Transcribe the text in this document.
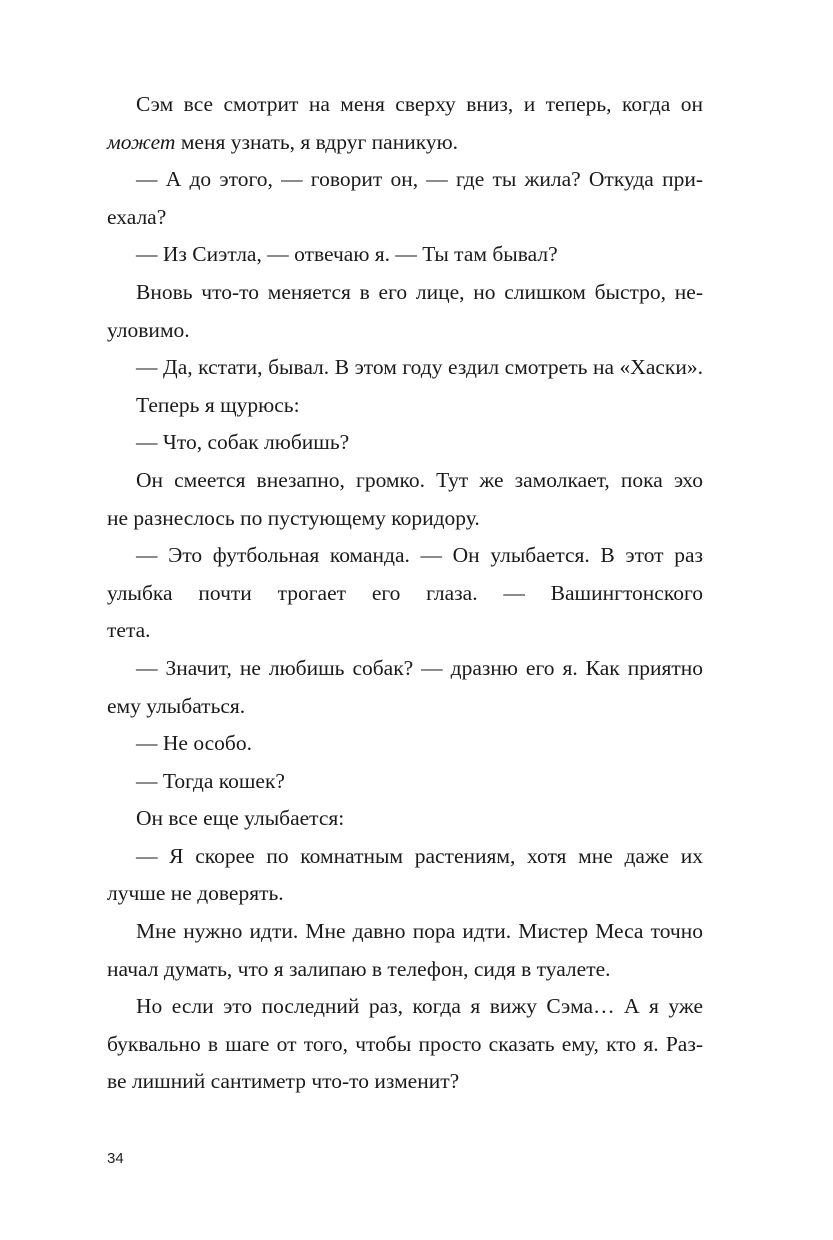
Сэм все смотрит на меня сверху вниз, и теперь, когда он
может меня узнать, я вдруг паникую.
— А до этого, — говорит он, — где ты жила? Откуда при-
ехала?
— Из Сиэтла, — отвечаю я. — Ты там бывал?
Вновь что-то меняется в его лице, но слишком быстро, не-
уловимо.
— Да, кстати, бывал. В этом году ездил смотреть на «Хаски».
Теперь я щурюсь:
— Что, собак любишь?
Он смеется внезапно, громко. Тут же замолкает, пока эхо
не разнеслось по пустующему коридору.
— Это футбольная команда. — Он улыбается. В этот раз
улыбка почти трогает его глаза. — Вашингтонского
тета.
— Значит, не любишь собак? — дразню его я. Как приятно
ему улыбаться.
— Не особо.
— Тогда кошек?
Он все еще улыбается:
— Я скорее по комнатным растениям, хотя мне даже их
лучше не доверять.
Мне нужно идти. Мне давно пора идти. Мистер Меса точно
начал думать, что я залипаю в телефон, сидя в туалете.
Но если это последний раз, когда я вижу Сэма… А я уже
буквально в шаге от того, чтобы просто сказать ему, кто я. Раз-
ве лишний сантиметр что-то изменит?
34
